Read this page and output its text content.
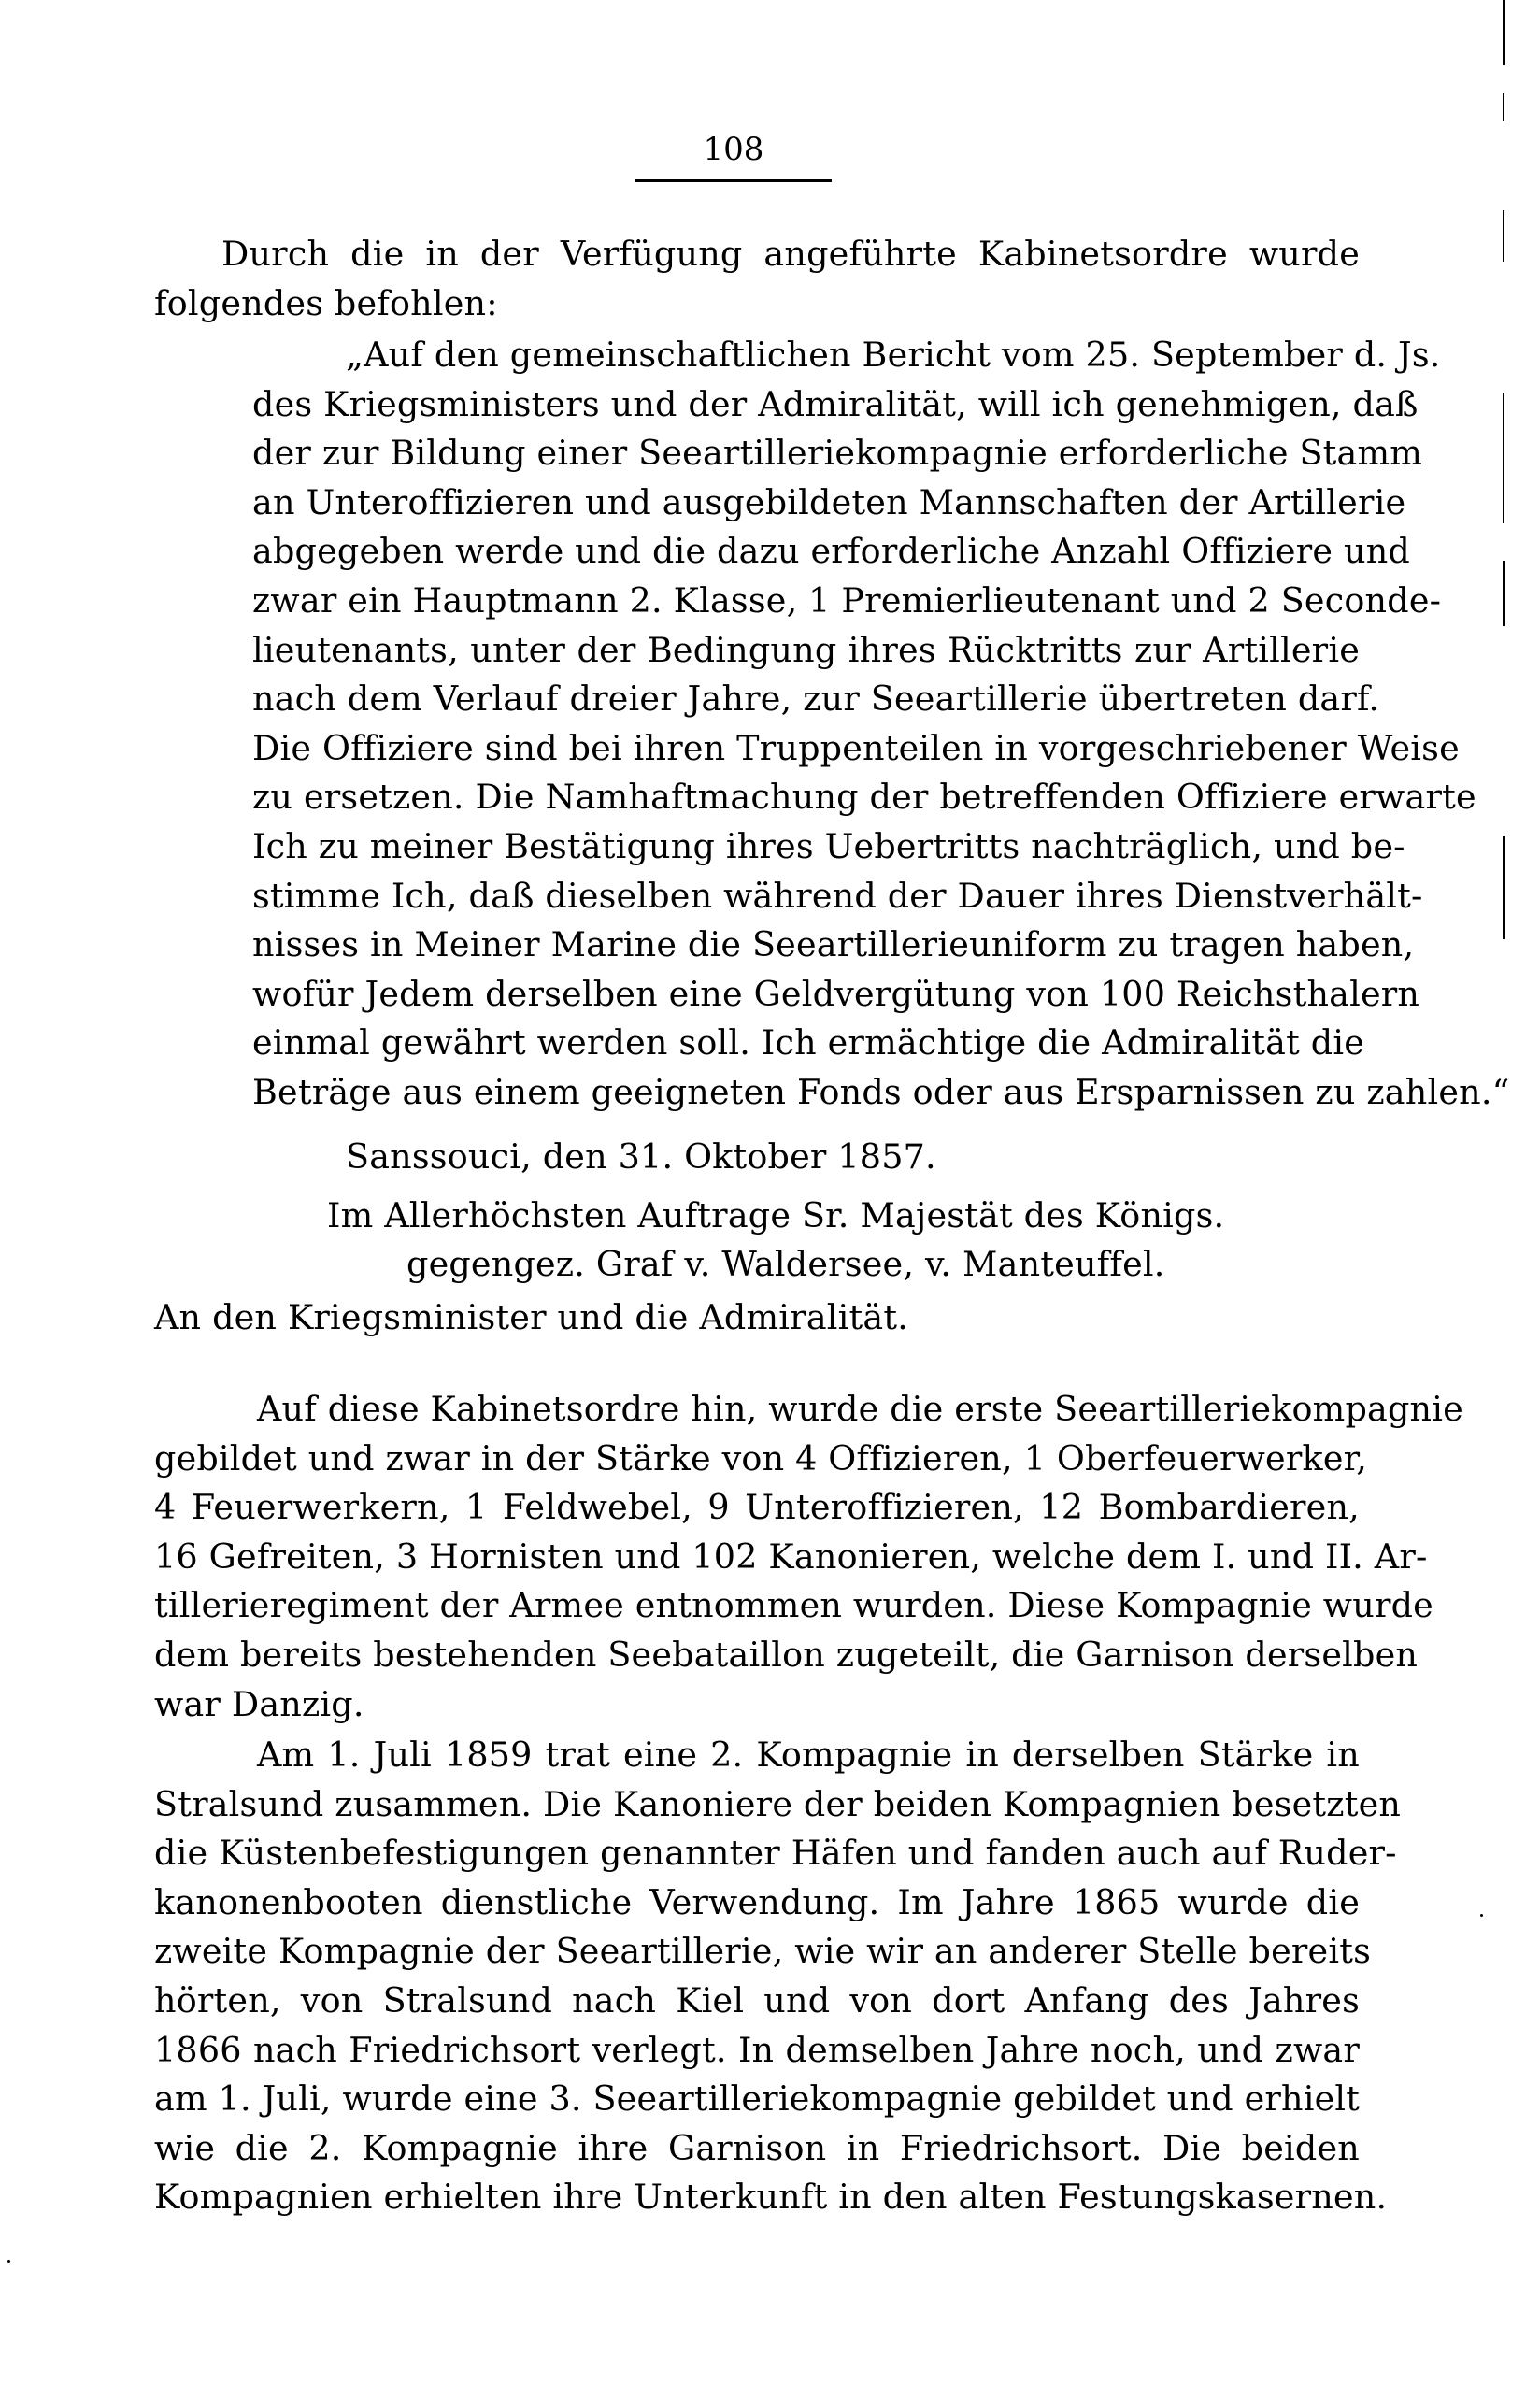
108
Durch die in der Verfügung angeführte Kabinetsordre wurde
folgendes befohlen:
„Auf den gemeinschaftlichen Bericht vom 25. September d. Js.
des Kriegsministers und der Admiralität, will ich genehmigen, daß
der zur Bildung einer Seeartilleriekompagnie erforderliche Stamm
an Unteroffizieren und ausgebildeten Mannschaften der Artillerie
abgegeben werde und die dazu erforderliche Anzahl Offiziere und
zwar ein Hauptmann 2. Klasse, 1 Premierlieutenant und 2 Seconde-
lieutenants, unter der Bedingung ihres Rücktritts zur Artillerie
nach dem Verlauf dreier Jahre, zur Seeartillerie übertreten darf.
Die Offiziere sind bei ihren Truppenteilen in vorgeschriebener Weise
zu ersetzen. Die Namhaftmachung der betreffenden Offiziere erwarte
Ich zu meiner Bestätigung ihres Uebertritts nachträglich, und be-
stimme Ich, daß dieselben während der Dauer ihres Dienstverhält-
nisses in Meiner Marine die Seeartillerieuniform zu tragen haben,
wofür Jedem derselben eine Geldvergütung von 100 Reichsthalern
einmal gewährt werden soll. Ich ermächtige die Admiralität die
Beträge aus einem geeigneten Fonds oder aus Ersparnissen zu zahlen.“
Sanssouci, den 31. Oktober 1857.
Im Allerhöchsten Auftrage Sr. Majestät des Königs.
gegengez. Graf v. Waldersee, v. Manteuffel.
An den Kriegsminister und die Admiralität.
Auf diese Kabinetsordre hin, wurde die erste Seeartilleriekompagnie
gebildet und zwar in der Stärke von 4 Offizieren, 1 Oberfeuerwerker,
4 Feuerwerkern, 1 Feldwebel, 9 Unteroffizieren, 12 Bombardieren,
16 Gefreiten, 3 Hornisten und 102 Kanonieren, welche dem I. und II. Ar-
tillerieregiment der Armee entnommen wurden. Diese Kompagnie wurde
dem bereits bestehenden Seebataillon zugeteilt, die Garnison derselben
war Danzig.
Am 1. Juli 1859 trat eine 2. Kompagnie in derselben Stärke in
Stralsund zusammen. Die Kanoniere der beiden Kompagnien besetzten
die Küstenbefestigungen genannter Häfen und fanden auch auf Ruder-
kanonenbooten dienstliche Verwendung. Im Jahre 1865 wurde die
zweite Kompagnie der Seeartillerie, wie wir an anderer Stelle bereits
hörten, von Stralsund nach Kiel und von dort Anfang des Jahres
1866 nach Friedrichsort verlegt. In demselben Jahre noch, und zwar
am 1. Juli, wurde eine 3. Seeartilleriekompagnie gebildet und erhielt
wie die 2. Kompagnie ihre Garnison in Friedrichsort. Die beiden
Kompagnien erhielten ihre Unterkunft in den alten Festungskasernen.
